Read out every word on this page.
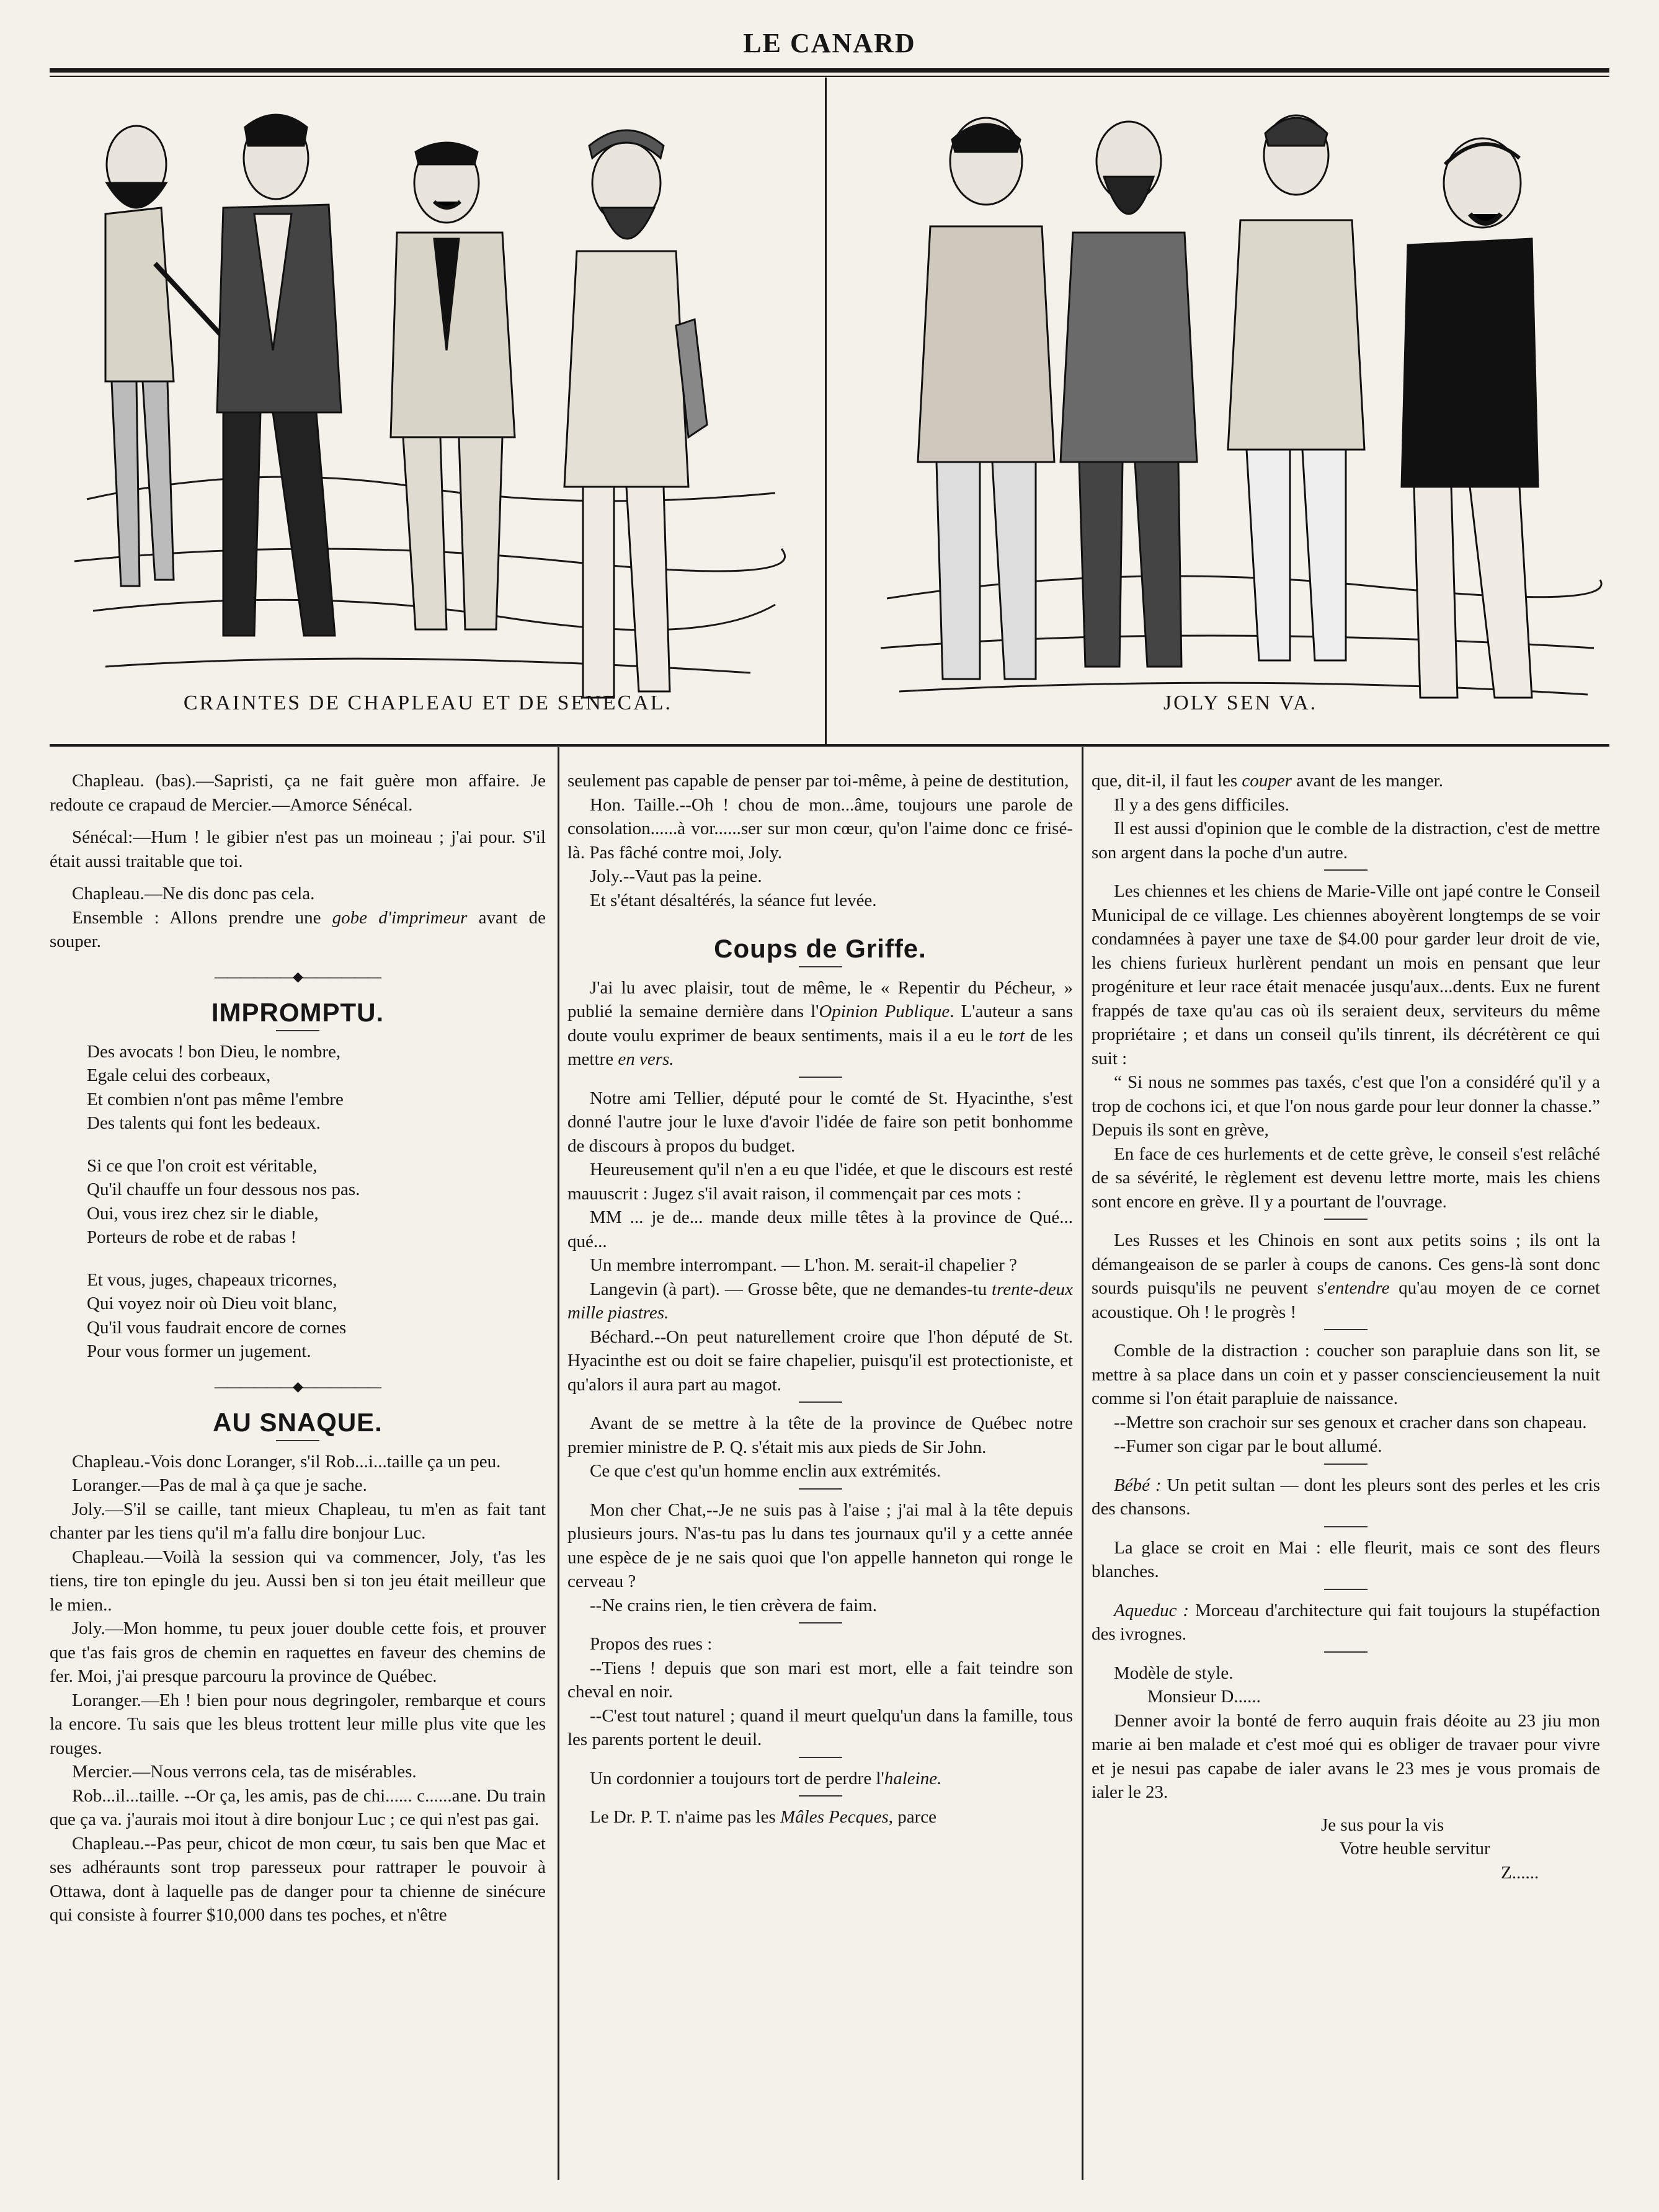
LE CANARD
CRAINTES DE CHAPLEAU ET DE SENECAL.	JOLY SEN VA.

Chapleau. (bas).—Sapristi, ça ne fait guère mon affaire. Je redoute ce crapaud de Mercier.—Amorce Sénécal.

Sénécal:—Hum ! le gibier n'est pas un moineau ; j'ai pour. S'il était aussi traitable que toi.

Chapleau.—Ne dis donc pas cela.

Ensemble : Allons prendre une gobe d'imprimeur avant de souper.

——————◆——————
IMPROMPTU.

Des avocats ! bon Dieu, le nombre,

Egale celui des corbeaux,

Et combien n'ont pas même l'embre

Des talents qui font les bedeaux.

Si ce que l'on croit est véritable,

Qu'il chauffe un four dessous nos pas.

Oui, vous irez chez sir le diable,

Porteurs de robe et de rabas !

Et vous, juges, chapeaux tricornes,

Qui voyez noir où Dieu voit blanc,

Qu'il vous faudrait encore de cornes

Pour vous former un jugement.

——————◆——————
AU SNAQUE.

Chapleau.-Vois donc Loranger, s'il Rob...i...taille ça un peu.

Loranger.—Pas de mal à ça que je sache.

Joly.—S'il se caille, tant mieux Chapleau, tu m'en as fait tant chanter par les tiens qu'il m'a fallu dire bonjour Luc.

Chapleau.—Voilà la session qui va commencer, Joly, t'as les tiens, tire ton epingle du jeu. Aussi ben si ton jeu était meilleur que le mien..

Joly.—Mon homme, tu peux jouer double cette fois, et prouver que t'as fais gros de chemin en raquettes en faveur des chemins de fer. Moi, j'ai presque parcouru la province de Québec.

Loranger.—Eh ! bien pour nous degringoler, rembarque et cours la encore. Tu sais que les bleus trottent leur mille plus vite que les rouges.

Mercier.—Nous verrons cela, tas de misérables.

Rob...il...taille. --Or ça, les amis, pas de chi...... c......ane. Du train que ça va. j'aurais moi itout à dire bonjour Luc ; ce qui n'est pas gai.

Chapleau.--Pas peur, chicot de mon cœur, tu sais ben que Mac et ses adhéraunts sont trop paresseux pour rattraper le pouvoir à Ottawa, dont à laquelle pas de danger pour ta chienne de sinécure qui consiste à fourrer $10,000 dans tes poches, et n'être

seulement pas capable de penser par toi-même, à peine de destitution,

Hon. Taille.--Oh ! chou de mon...âme, toujours une parole de consolation......à vor......ser sur mon cœur, qu'on l'aime donc ce frisé-là. Pas fâché contre moi, Joly.

Joly.--Vaut pas la peine.

Et s'étant désaltérés, la séance fut levée.

Coups de Griffe.

J'ai lu avec plaisir, tout de même, le « Repentir du Pécheur, » publié la semaine dernière dans l'Opinion Publique. L'auteur a sans doute voulu exprimer de beaux sentiments, mais il a eu le tort de les mettre en vers.

Notre ami Tellier, député pour le comté de St. Hyacinthe, s'est donné l'autre jour le luxe d'avoir l'idée de faire son petit bonhomme de discours à propos du budget.

Heureusement qu'il n'en a eu que l'idée, et que le discours est resté mauuscrit : Jugez s'il avait raison, il commençait par ces mots :

MM ... je de... mande deux mille têtes à la province de Qué... qué...

Un membre interrompant. — L'hon. M. serait-il chapelier ?

Langevin (à part). — Grosse bête, que ne demandes-tu trente-deux mille piastres.

Béchard.--On peut naturellement croire que l'hon député de St. Hyacinthe est ou doit se faire chapelier, puisqu'il est protectioniste, et qu'alors il aura part au magot.

Avant de se mettre à la tête de la province de Québec notre premier ministre de P. Q. s'était mis aux pieds de Sir John.

Ce que c'est qu'un homme enclin aux extrémités.

Mon cher Chat,--Je ne suis pas à l'aise ; j'ai mal à la tête depuis plusieurs jours. N'as-tu pas lu dans tes journaux qu'il y a cette année une espèce de je ne sais quoi que l'on appelle hanneton qui ronge le cerveau ?

--Ne crains rien, le tien crèvera de faim.

Propos des rues :

--Tiens ! depuis que son mari est mort, elle a fait teindre son cheval en noir.

--C'est tout naturel ; quand il meurt quelqu'un dans la famille, tous les parents portent le deuil.

Un cordonnier a toujours tort de perdre l'haleine.

Le Dr. P. T. n'aime pas les Mâles Pecques, parce

que, dit-il, il faut les couper avant de les manger.

Il y a des gens difficiles.

Il est aussi d'opinion que le comble de la distraction, c'est de mettre son argent dans la poche d'un autre.

Les chiennes et les chiens de Marie-Ville ont japé contre le Conseil Municipal de ce village. Les chiennes aboyèrent longtemps de se voir condamnées à payer une taxe de $4.00 pour garder leur droit de vie, les chiens furieux hurlèrent pendant un mois en pensant que leur progéniture et leur race était menacée jusqu'aux...dents. Eux ne furent frappés de taxe qu'au cas où ils seraient deux, serviteurs du même propriétaire ; et dans un conseil qu'ils tinrent, ils décrétèrent ce qui suit :

“ Si nous ne sommes pas taxés, c'est que l'on a considéré qu'il y a trop de cochons ici, et que l'on nous garde pour leur donner la chasse.” Depuis ils sont en grève,

En face de ces hurlements et de cette grève, le conseil s'est relâché de sa sévérité, le règlement est devenu lettre morte, mais les chiens sont encore en grève. Il y a pourtant de l'ouvrage.

Les Russes et les Chinois en sont aux petits soins ; ils ont la démangeaison de se parler à coups de canons. Ces gens-là sont donc sourds puisqu'ils ne peuvent s'entendre qu'au moyen de ce cornet acoustique. Oh ! le progrès !

Comble de la distraction : coucher son parapluie dans son lit, se mettre à sa place dans un coin et y passer consciencieusement la nuit comme si l'on était parapluie de naissance.

--Mettre son crachoir sur ses genoux et cracher dans son chapeau.

--Fumer son cigar par le bout allumé.

Bébé : Un petit sultan — dont les pleurs sont des perles et les cris des chansons.

La glace se croit en Mai : elle fleurit, mais ce sont des fleurs blanches.

Aqueduc : Morceau d'architecture qui fait toujours la stupéfaction des ivrognes.

Modèle de style.

Monsieur D......

Denner avoir la bonté de ferro auquin frais déoite au 23 jiu mon marie ai ben malade et c'est moé qui es obliger de travaer pour vivre et je nesui pas capabe de ialer avans le 23 mes je vous promais de ialer le 23.

Je sus pour la vis

Votre heuble servitur

Z......
